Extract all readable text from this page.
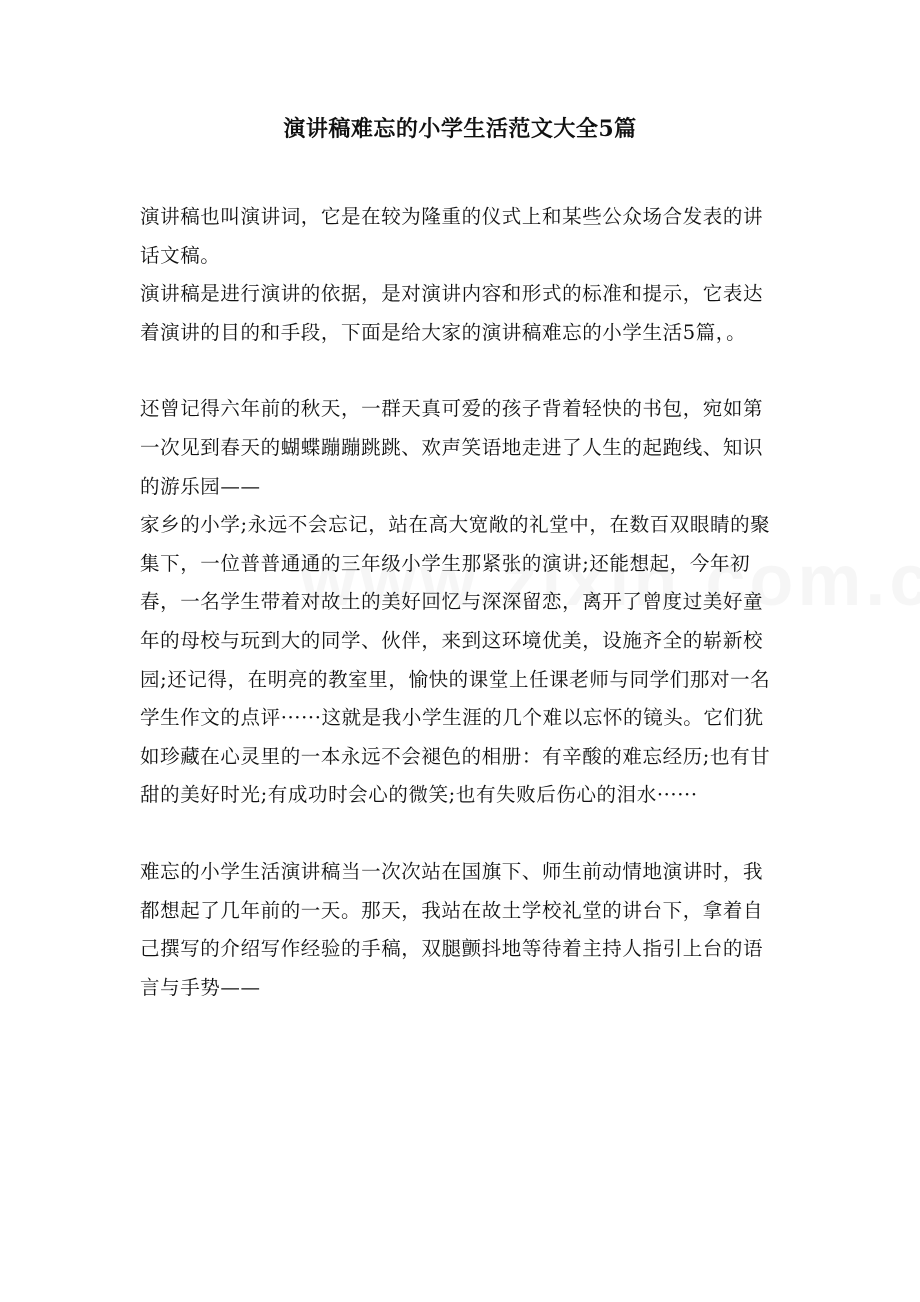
演讲稿难忘的小学生活范文大全5篇

演讲稿也叫演讲词，它是在较为隆重的仪式上和某些公众场合发表的讲话文稿。

演讲稿是进行演讲的依据，是对演讲内容和形式的标准和提示，它表达着演讲的目的和手段，下面是给大家的演讲稿难忘的小学生活5篇，。

还曾记得六年前的秋天，一群天真可爱的孩子背着轻快的书包，宛如第一次见到春天的蝴蝶蹦蹦跳跳、欢声笑语地走进了人生的起跑线、知识的游乐园——

家乡的小学;永远不会忘记，站在高大宽敞的礼堂中，在数百双眼睛的聚集下，一位普普通通的三年级小学生那紧张的演讲;还能想起，今年初春，一名学生带着对故土的美好回忆与深深留恋，离开了曾度过美好童年的母校与玩到大的同学、伙伴，来到这环境优美，设施齐全的崭新校园;还记得，在明亮的教室里，愉快的课堂上任课老师与同学们那对一名学生作文的点评······这就是我小学生涯的几个难以忘怀的镜头。它们犹如珍藏在心灵里的一本永远不会褪色的相册：有辛酸的难忘经历;也有甘甜的美好时光;有成功时会心的微笑;也有失败后伤心的泪水······

难忘的小学生活演讲稿当一次次站在国旗下、师生前动情地演讲时，我都想起了几年前的一天。那天，我站在故土学校礼堂的讲台下，拿着自己撰写的介绍写作经验的手稿，双腿颤抖地等待着主持人指引上台的语言与手势——
